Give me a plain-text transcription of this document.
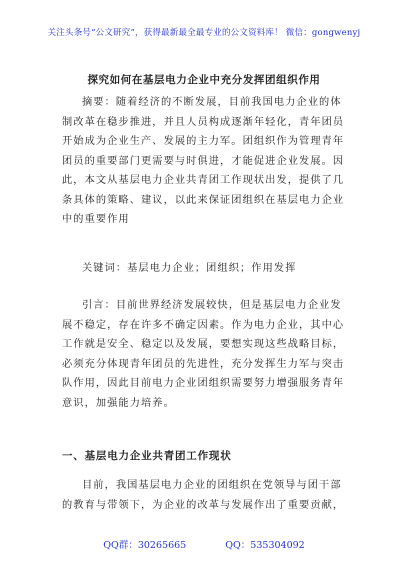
关注头条号“公文研究”，获得最新最全最专业的公文资料库！ 微信：gongwenyj
探究如何在基层电力企业中充分发挥团组织作用
摘要：随着经济的不断发展，目前我国电力企业的体
制改革在稳步推进，并且人员构成逐渐年轻化，青年团员
开始成为企业生产、发展的主力军。团组织作为管理青年
团员的重要部门更需要与时俱进，才能促进企业发展。因
此，本文从基层电力企业共青团工作现状出发，提供了几
条具体的策略、建议，以此来保证团组织在基层电力企业
中的重要作用
关键词：基层电力企业；团组织；作用发挥
引言：目前世界经济发展较快，但是基层电力企业发
展不稳定，存在许多不确定因素。作为电力企业，其中心
工作就是安全、稳定以及发展，要想实现这些战略目标，
必须充分体现青年团员的先进性，充分发挥生力军与突击
队作用，因此目前电力企业团组织需要努力增强服务青年
意识，加强能力培养。
一、基层电力企业共青团工作现状
目前，我国基层电力企业的团组织在党领导与团干部
的教育与带领下，为企业的改革与发展作出了重要贡献，
QQ群：30265665	QQ：535304092
